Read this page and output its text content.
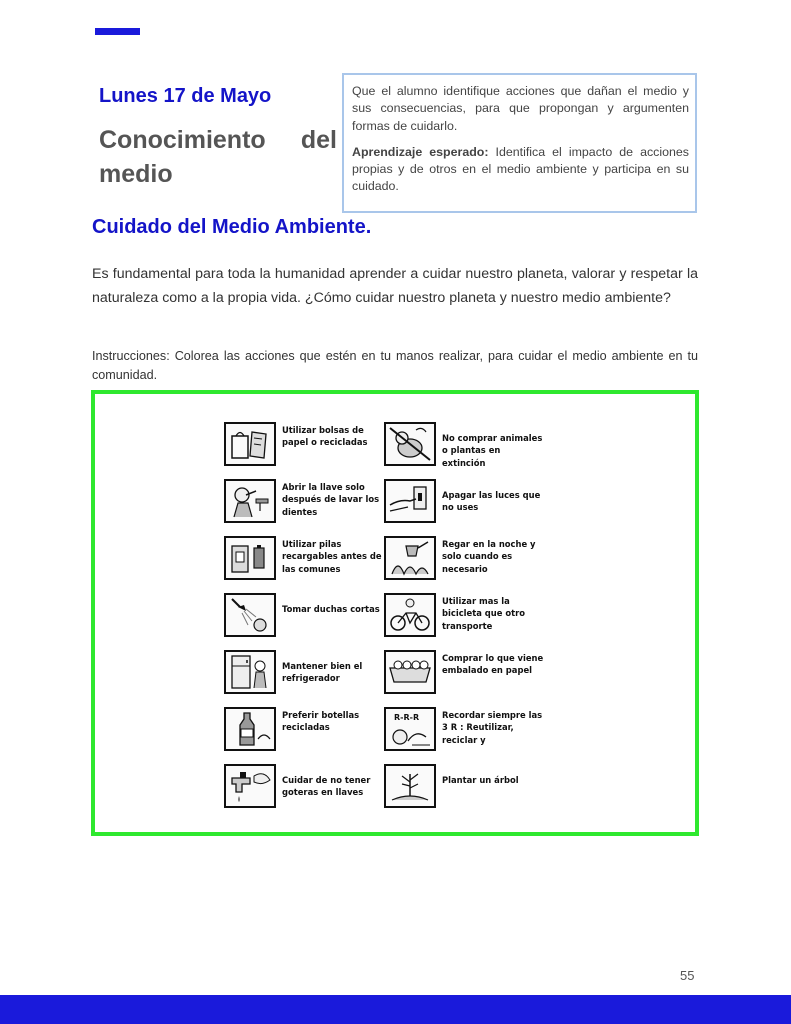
Lunes 17 de Mayo
Conocimiento del
medio

Que el alumno identifique acciones que dañan el medio y sus consecuencias, para que propongan y argumenten formas de cuidarlo.

Aprendizaje esperado: Identifica el impacto de acciones propias y de otros en el medio ambiente y participa en su cuidado.

Cuidado del Medio Ambiente.
Es fundamental para toda la humanidad aprender a cuidar nuestro planeta, valorar y respetar la naturaleza como a la propia vida. ¿Cómo cuidar nuestro planeta y nuestro medio ambiente?
Instrucciones: Colorea las acciones que estén en tu manos realizar, para cuidar el medio ambiente en tu comunidad.
Utilizar bolsas de papel o recicladas	No comprar animales o plantas en extinción
Abrir la llave solo después de lavar los dientes
Apagar las luces que no uses
Utilizar pilas recargables antes de las comunes
Regar en la noche y solo cuando es necesario
Tomar duchas cortas
Utilizar mas la bicicleta que otro transporte
Mantener bien el refrigerador
Comprar lo que viene embalado en papel
Preferir botellas recicladas
R-R-R	Recordar siempre las 3 R : Reutilizar, reciclar y
Cuidar de no tener goteras en llaves
Plantar un árbol
55
